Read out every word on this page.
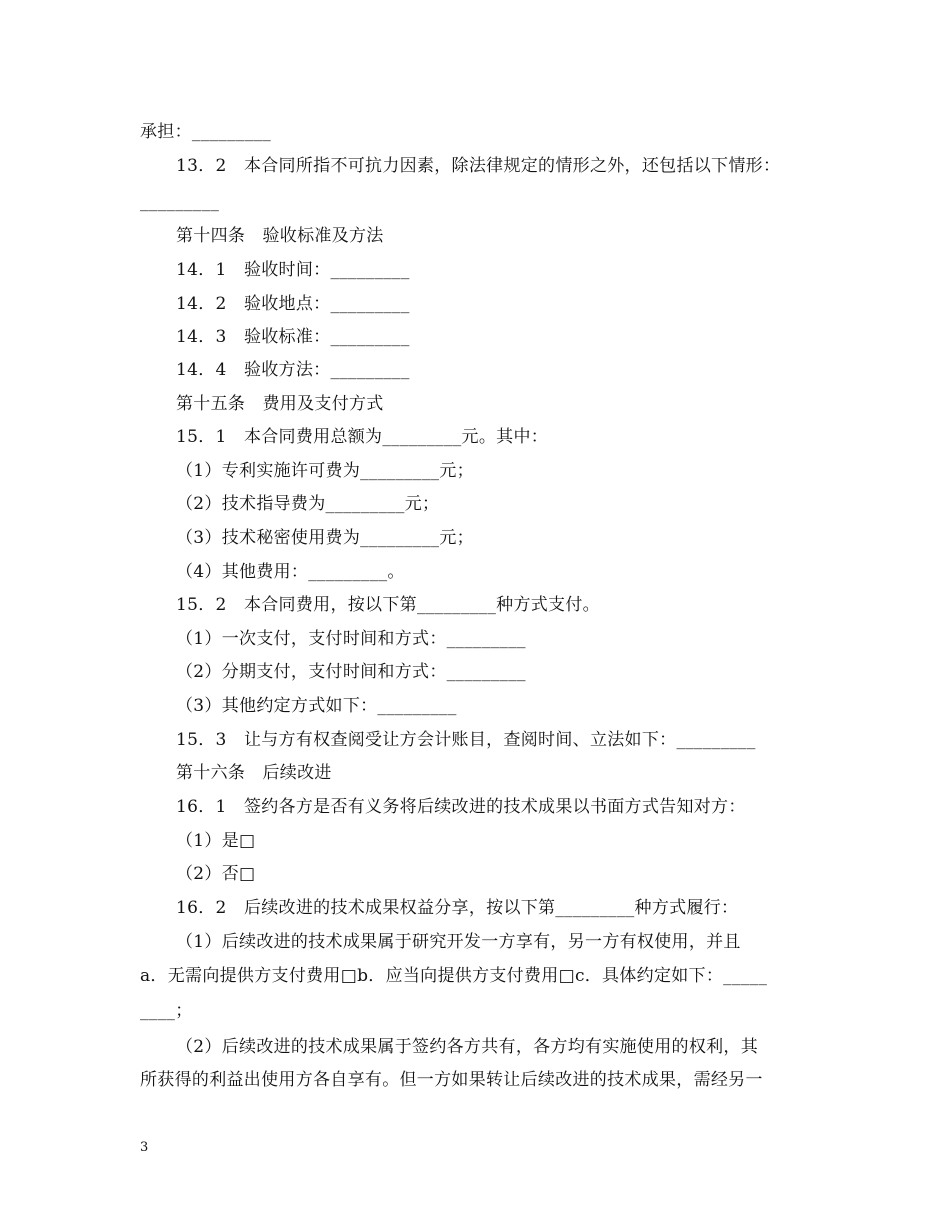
承担：_________
13．2　本合同所指不可抗力因素，除法律规定的情形之外，还包括以下情形：
_________
第十四条　验收标准及方法
14．1　验收时间：_________
14．2　验收地点：_________
14．3　验收标准：_________
14．4　验收方法：_________
第十五条　费用及支付方式
15．1　本合同费用总额为_________元。其中：
（1）专利实施许可费为_________元；
（2）技术指导费为_________元；
（3）技术秘密使用费为_________元；
（4）其他费用：_________。
15．2　本合同费用，按以下第_________种方式支付。
（1）一次支付，支付时间和方式：_________
（2）分期支付，支付时间和方式：_________
（3）其他约定方式如下：_________
15．3　让与方有权查阅受让方会计账目，查阅时间、立法如下：_________
第十六条　后续改进
16．1　签约各方是否有义务将后续改进的技术成果以书面方式告知对方：
（1）是□
（2）否□
16．2　后续改进的技术成果权益分享，按以下第_________种方式履行：
（1）后续改进的技术成果属于研究开发一方享有，另一方有权使用，并且
a．无需向提供方支付费用□b．应当向提供方支付费用□c．具体约定如下：_____
____；
（2）后续改进的技术成果属于签约各方共有，各方均有实施使用的权利，其
所获得的利益出使用方各自享有。但一方如果转让后续改进的技术成果，需经另一
3
